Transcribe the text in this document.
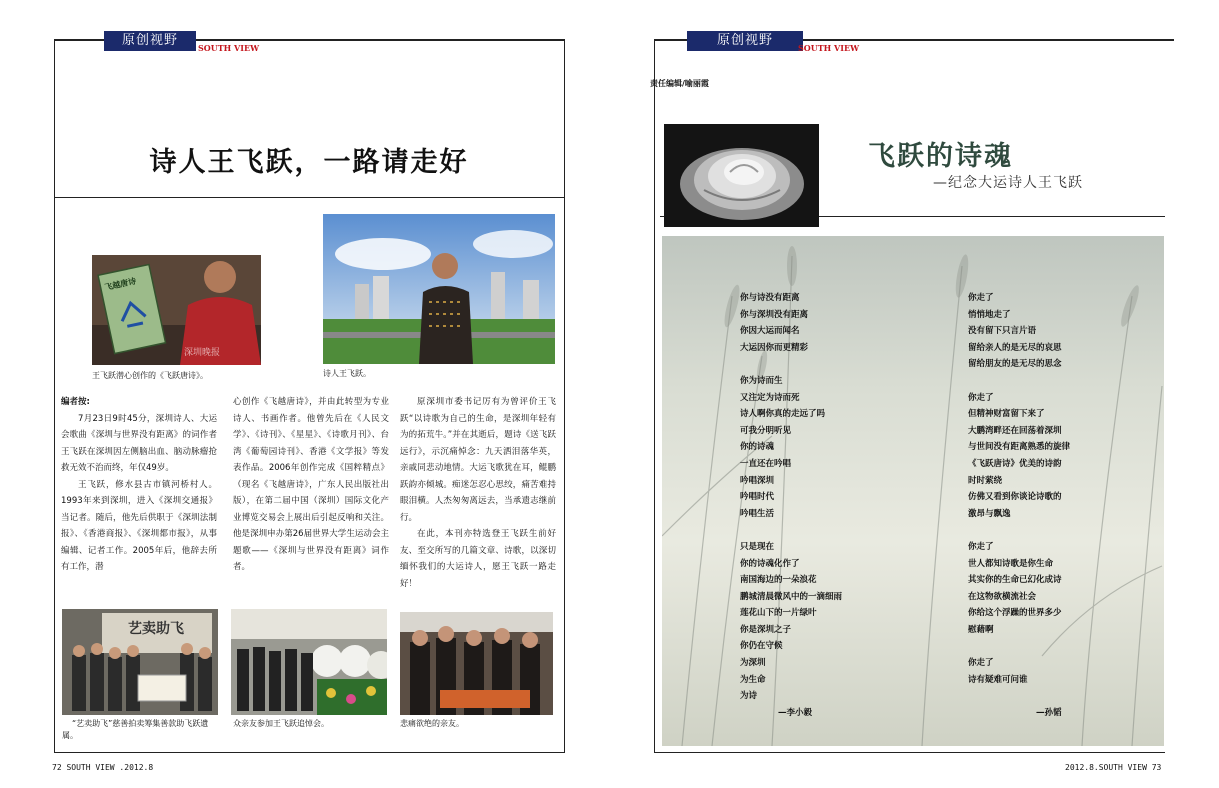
原创视野	SOUTH VIEW
诗人王飞跃，一路请走好
飞越唐诗
深圳晚报
王飞跃潜心创作的《飞跃唐诗》。	诗人王飞跃。
编者按:

7月23日9时45分，深圳诗人、大运会歌曲《深圳与世界没有距离》的词作者王飞跃在深圳因左侧脑出血、脑动脉瘤抢救无效不治而终，年仅49岁。

王飞跃，修水县古市镇河桥村人。1993年来到深圳，进入《深圳交通报》当记者。随后，他先后供职于《深圳法制报》、《香港商报》、《深圳都市报》，从事编辑、记者工作。2005年后，他辞去所有工作，潜

心创作《飞越唐诗》，并由此转型为专业诗人、书画作者。他曾先后在《人民文学》、《诗刊》、《星星》、《诗歌月刊》、台湾《葡萄园诗刊》、香港《文学报》等发表作品。2006年创作完成《国粹精点》（现名《飞越唐诗》，广东人民出版社出版），在第二届中国（深圳）国际文化产业博览交易会上展出后引起反响和关注。他是深圳申办第26届世界大学生运动会主题歌——《深圳与世界没有距离》词作者。

原深圳市委书记厉有为曾评价王飞跃“以诗歌为自己的生命，是深圳年轻有为的拓荒牛。”并在其逝后，题诗《送飞跃远行》，示沉痛悼念：九天洒泪落华英，亲戚同悲动地情。大运飞歌犹在耳，鲲鹏跃韵亦倾城。痴迷怎忍心思绞，痛苦难持眼泪横。人杰匆匆离远去，当承遗志继前行。

在此，本刊亦特选登王飞跃生前好友、至交所写的几篇文章、诗歌，以深切缅怀我们的大运诗人，愿王飞跃一路走好！

艺卖助飞
“艺卖助飞”慈善拍卖筹集善款助飞跃遗属。
众亲友参加王飞跃追悼会。	悲痛欲绝的亲友。
72 SOUTH VIEW .2012.8
原创视野	SOUTH VIEW
责任编辑/喻丽霞
飞跃的诗魂
—纪念大运诗人王飞跃
你与诗没有距离
你与深圳没有距离
你因大运而闻名
大运因你而更精彩
你为诗而生
又注定为诗而死
诗人啊你真的走远了吗
可我分明听见
你的诗魂
一直还在吟唱
吟唱深圳
吟唱时代
吟唱生活
只是现在
你的诗魂化作了
南国海边的一朵浪花
鹏城清晨微风中的一滴细雨
莲花山下的一片绿叶
你是深圳之子
你仍在守候
为深圳
为生命
为诗
—李小毅
你走了
悄悄地走了
没有留下只言片语
留给亲人的是无尽的哀思
留给朋友的是无尽的思念
你走了
但精神财富留下来了
大鹏湾畔还在回荡着深圳
与世间没有距离熟悉的旋律
《飞跃唐诗》优美的诗韵
时时萦绕
仿佛又看到你谈论诗歌的
激昂与飘逸
你走了
世人都知诗歌是你生命
其实你的生命已幻化成诗
在这物欲横流社会
你给这个浮躁的世界多少
慰藉啊
你走了
诗有疑难可问谁
—孙韬
2012.8.SOUTH VIEW 73
